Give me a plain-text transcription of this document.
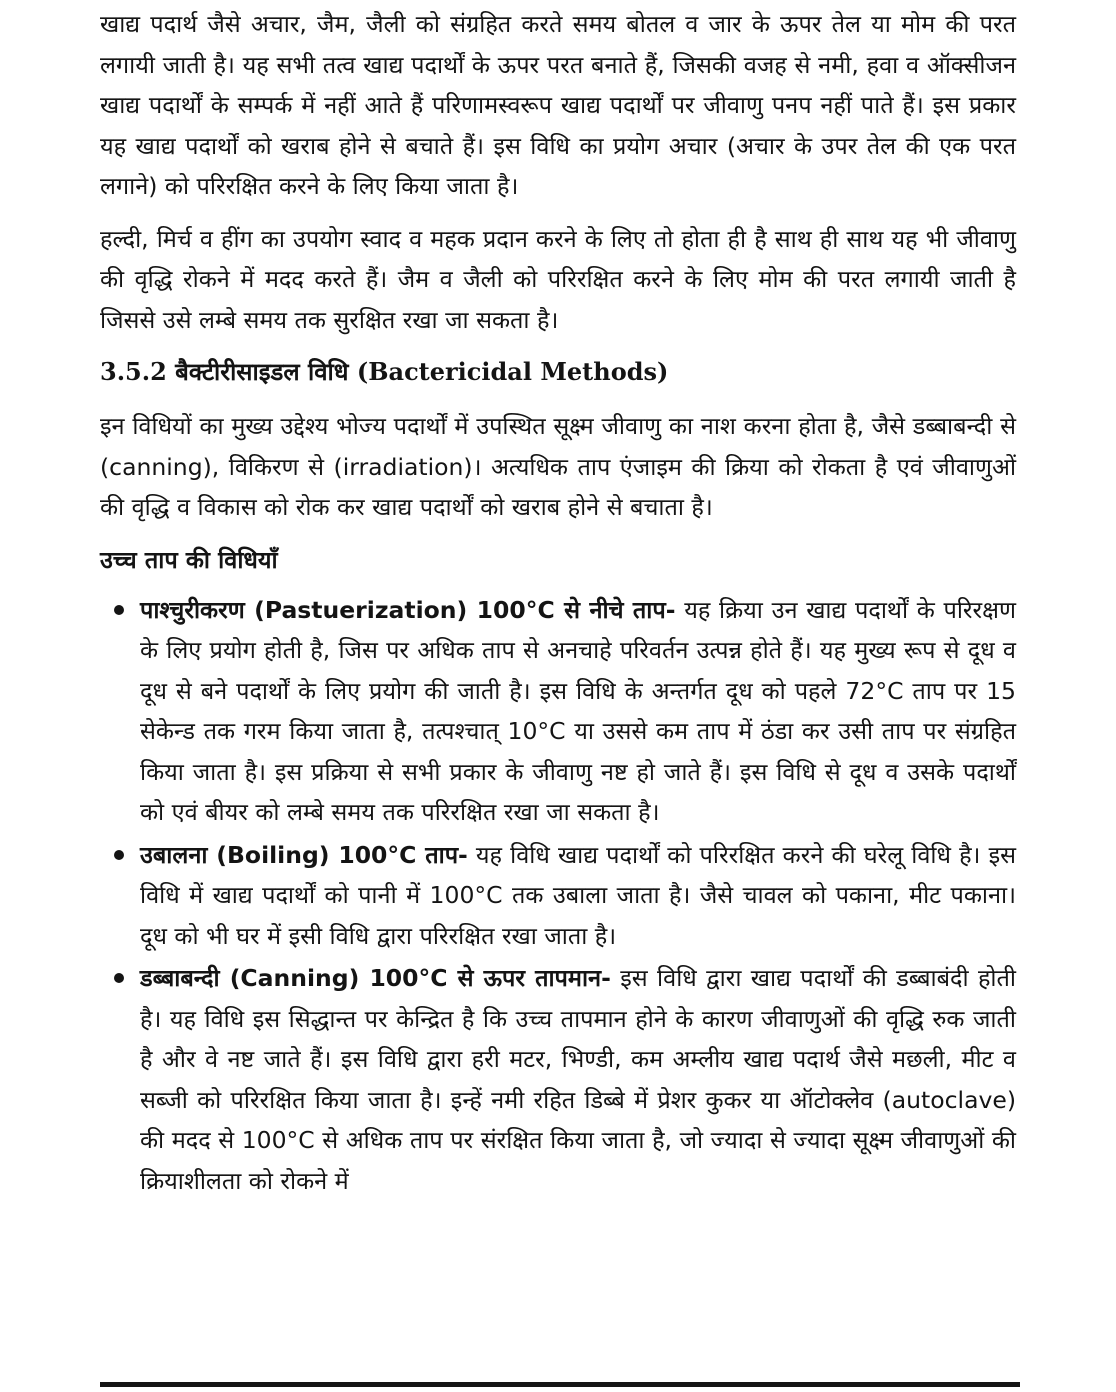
खाद्य पदार्थ जैसे अचार, जैम, जैली को संग्रहित करते समय बोतल व जार के ऊपर तेल या मोम की परत लगायी जाती है। यह सभी तत्व खाद्य पदार्थों के ऊपर परत बनाते हैं, जिसकी वजह से नमी, हवा व ऑक्सीजन खाद्य पदार्थों के सम्पर्क में नहीं आते हैं परिणामस्वरूप खाद्य पदार्थों पर जीवाणु पनप नहीं पाते हैं। इस प्रकार यह खाद्य पदार्थों को खराब होने से बचाते हैं। इस विधि का प्रयोग अचार (अचार के उपर तेल की एक परत लगाने) को परिरक्षित करने के लिए किया जाता है।

हल्दी, मिर्च व हींग का उपयोग स्वाद व महक प्रदान करने के लिए तो होता ही है साथ ही साथ यह भी जीवाणु की वृद्धि रोकने में मदद करते हैं। जैम व जैली को परिरक्षित करने के लिए मोम की परत लगायी जाती है जिससे उसे लम्बे समय तक सुरक्षित रखा जा सकता है।

3.5.2 बैक्टीरीसाइडल विधि (Bactericidal Methods)

इन विधियों का मुख्य उद्देश्य भोज्य पदार्थों में उपस्थित सूक्ष्म जीवाणु का नाश करना होता है, जैसे डब्बाबन्दी से (canning), विकिरण से (irradiation)। अत्यधिक ताप एंजाइम की क्रिया को रोकता है एवं जीवाणुओं की वृद्धि व विकास को रोक कर खाद्य पदार्थों को खराब होने से बचाता है।

उच्च ताप की विधियाँ
पाश्चुरीकरण (Pastuerization) 100°C से नीचे ताप- यह क्रिया उन खाद्य पदार्थों के परिरक्षण के लिए प्रयोग होती है, जिस पर अधिक ताप से अनचाहे परिवर्तन उत्पन्न होते हैं। यह मुख्य रूप से दूध व दूध से बने पदार्थों के लिए प्रयोग की जाती है। इस विधि के अन्तर्गत दूध को पहले 72°C ताप पर 15 सेकेन्ड तक गरम किया जाता है, तत्पश्चात् 10°C या उससे कम ताप में ठंडा कर उसी ताप पर संग्रहित किया जाता है। इस प्रक्रिया से सभी प्रकार के जीवाणु नष्ट हो जाते हैं। इस विधि से दूध व उसके पदार्थों को एवं बीयर को लम्बे समय तक परिरक्षित रखा जा सकता है।
उबालना (Boiling) 100°C ताप- यह विधि खाद्य पदार्थों को परिरक्षित करने की घरेलू विधि है। इस विधि में खाद्य पदार्थों को पानी में 100°C तक उबाला जाता है। जैसे चावल को पकाना, मीट पकाना। दूध को भी घर में इसी विधि द्वारा परिरक्षित रखा जाता है।
डब्बाबन्दी (Canning) 100°C से ऊपर तापमान- इस विधि द्वारा खाद्य पदार्थों की डब्बाबंदी होती है। यह विधि इस सिद्धान्त पर केन्द्रित है कि उच्च तापमान होने के कारण जीवाणुओं की वृद्धि रुक जाती है और वे नष्ट जाते हैं। इस विधि द्वारा हरी मटर, भिण्डी, कम अम्लीय खाद्य पदार्थ जैसे मछली, मीट व सब्जी को परिरक्षित किया जाता है। इन्हें नमी रहित डिब्बे में प्रेशर कुकर या ऑटोक्लेव (autoclave) की मदद से 100°C से अधिक ताप पर संरक्षित किया जाता है, जो ज्यादा से ज्यादा सूक्ष्म जीवाणुओं की क्रियाशीलता को रोकने में
